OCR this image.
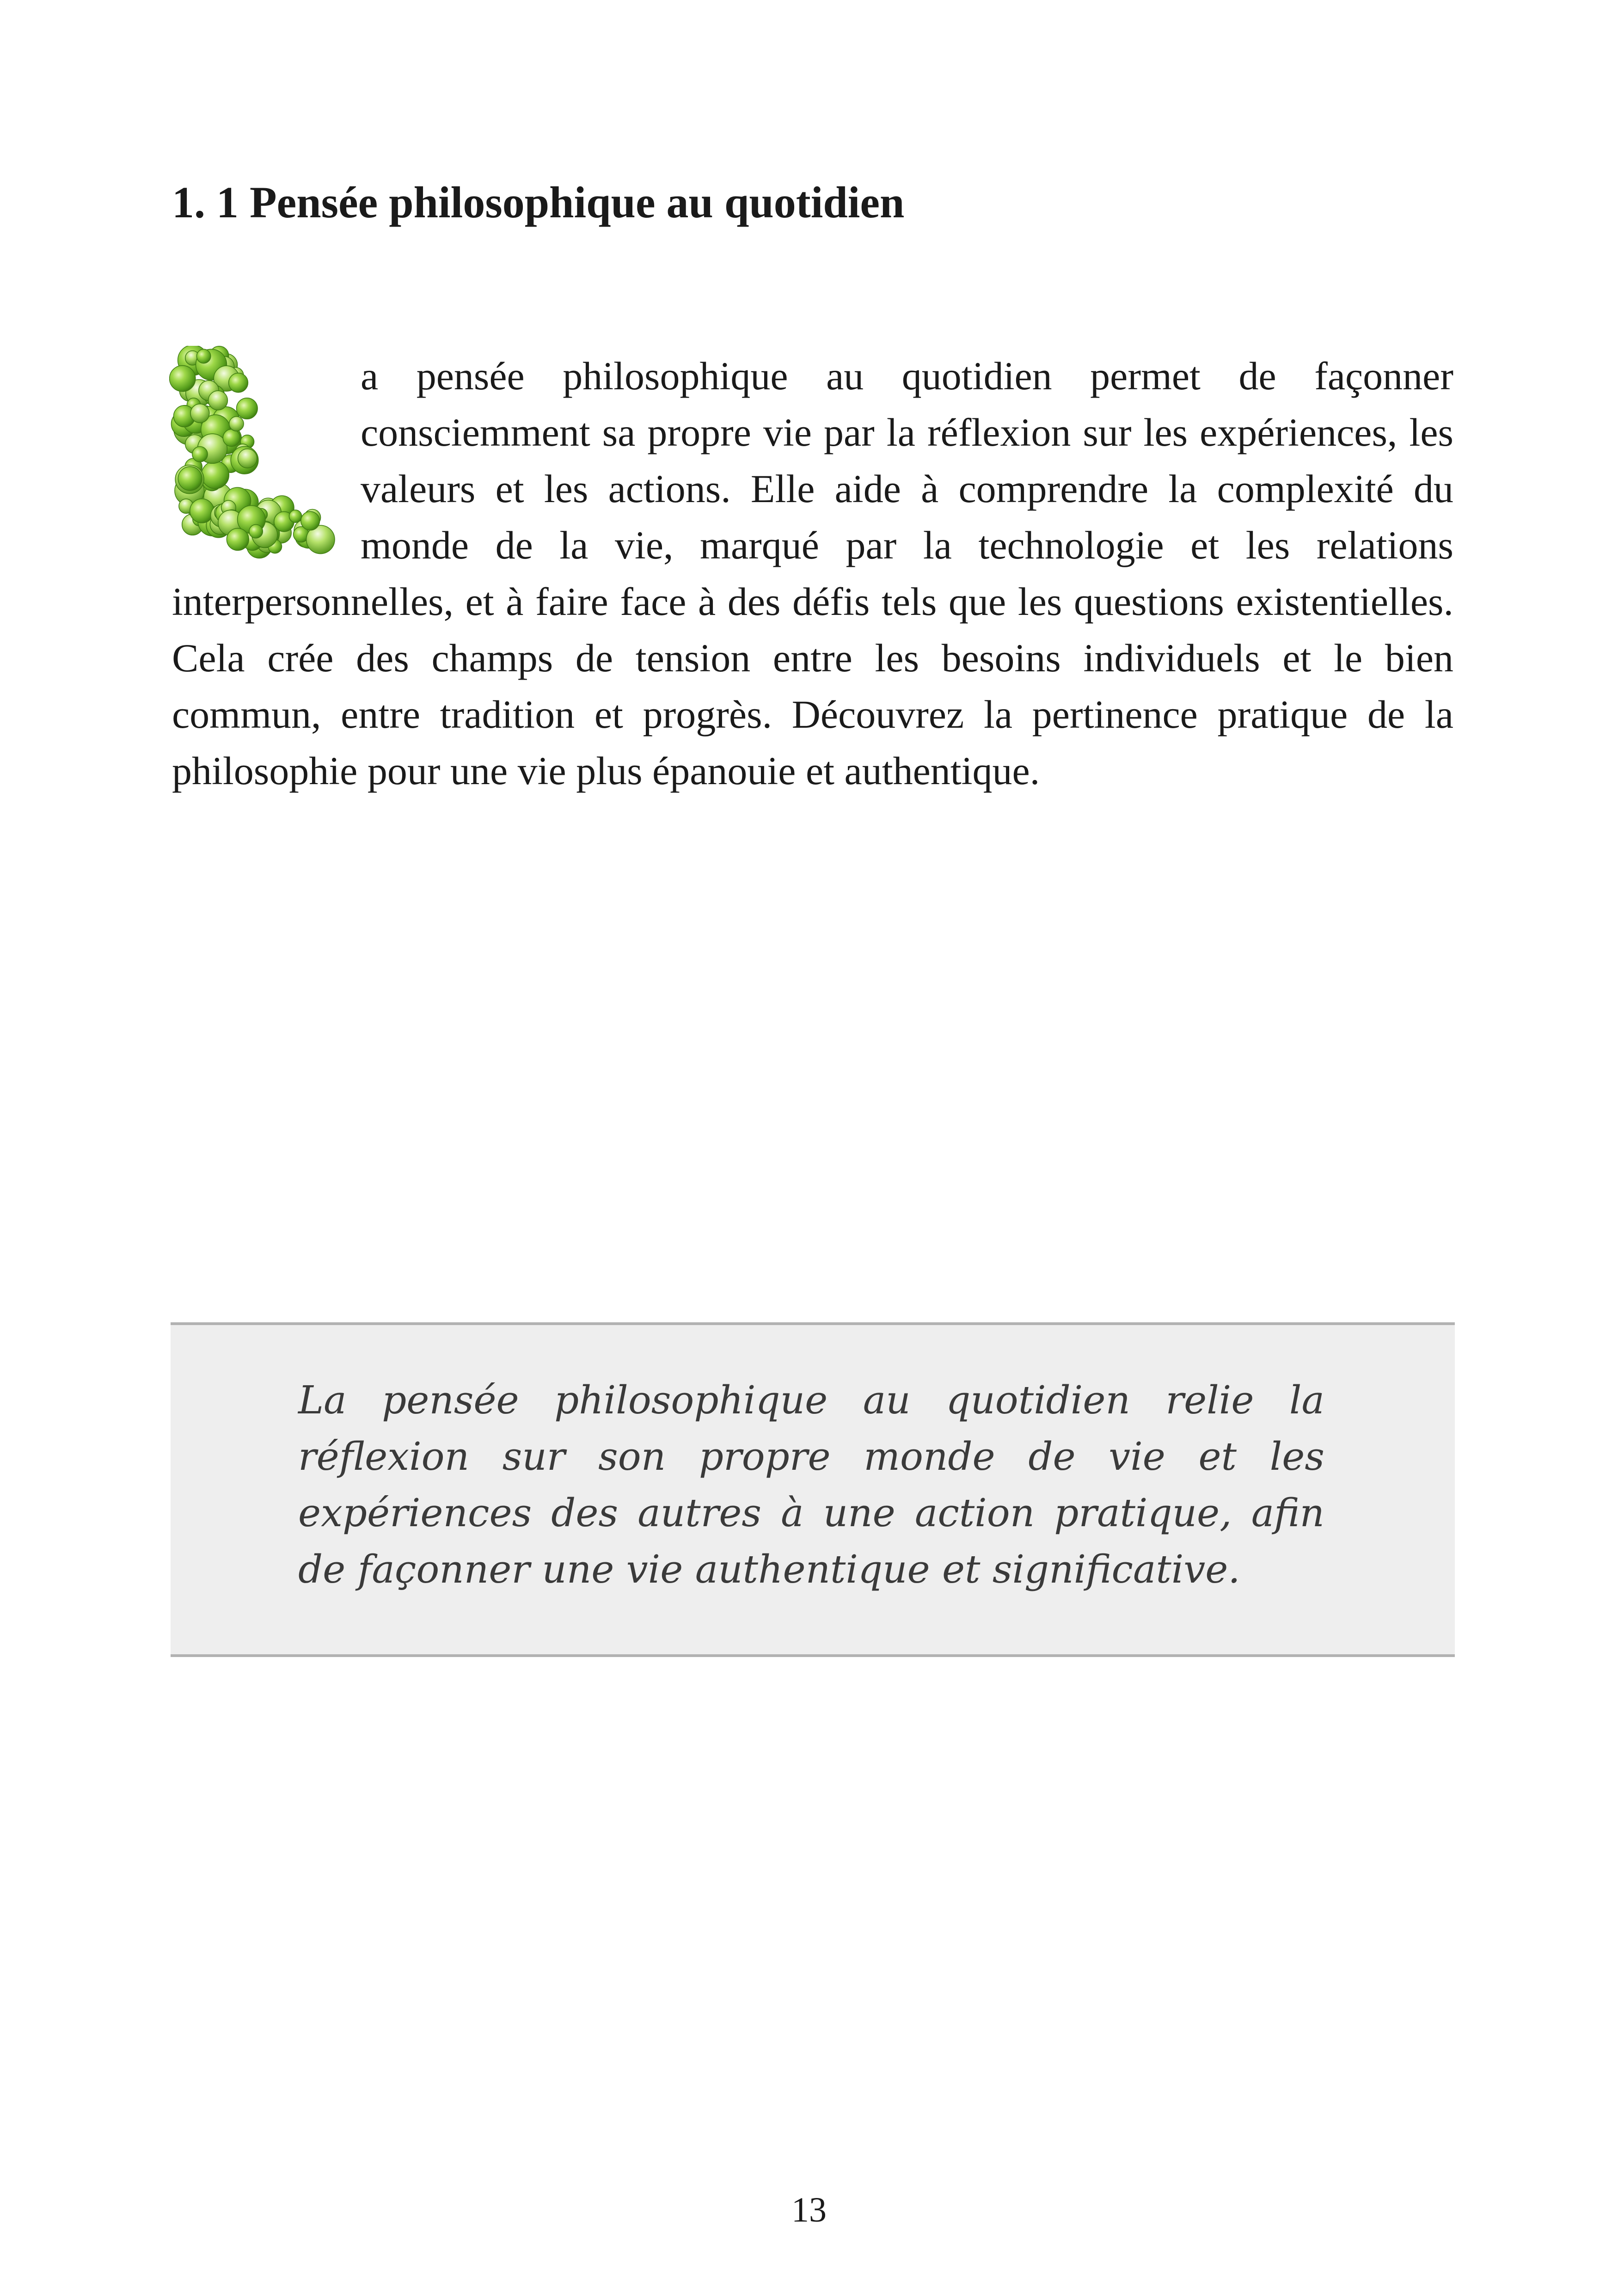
1. 1 Pensée philosophique au quotidien
a pensée philosophique au quotidien permet de façonner consciemment sa propre vie par la réflexion sur les expériences, les valeurs et les actions. Elle aide à comprendre la complexité du monde de la vie, marqué par la technologie et les relations interpersonnelles, et à faire face à des défis tels que les questions existentielles. Cela crée des champs de tension entre les besoins individuels et le bien commun, entre tradition et progrès. Découvrez la pertinence pratique de la philosophie pour une vie plus épanouie et authentique.

La pensée philosophique au quotidien relie la réflexion sur son propre monde de vie et les expériences des autres à une action pratique, afin de façonner une vie authentique et significative.

13
